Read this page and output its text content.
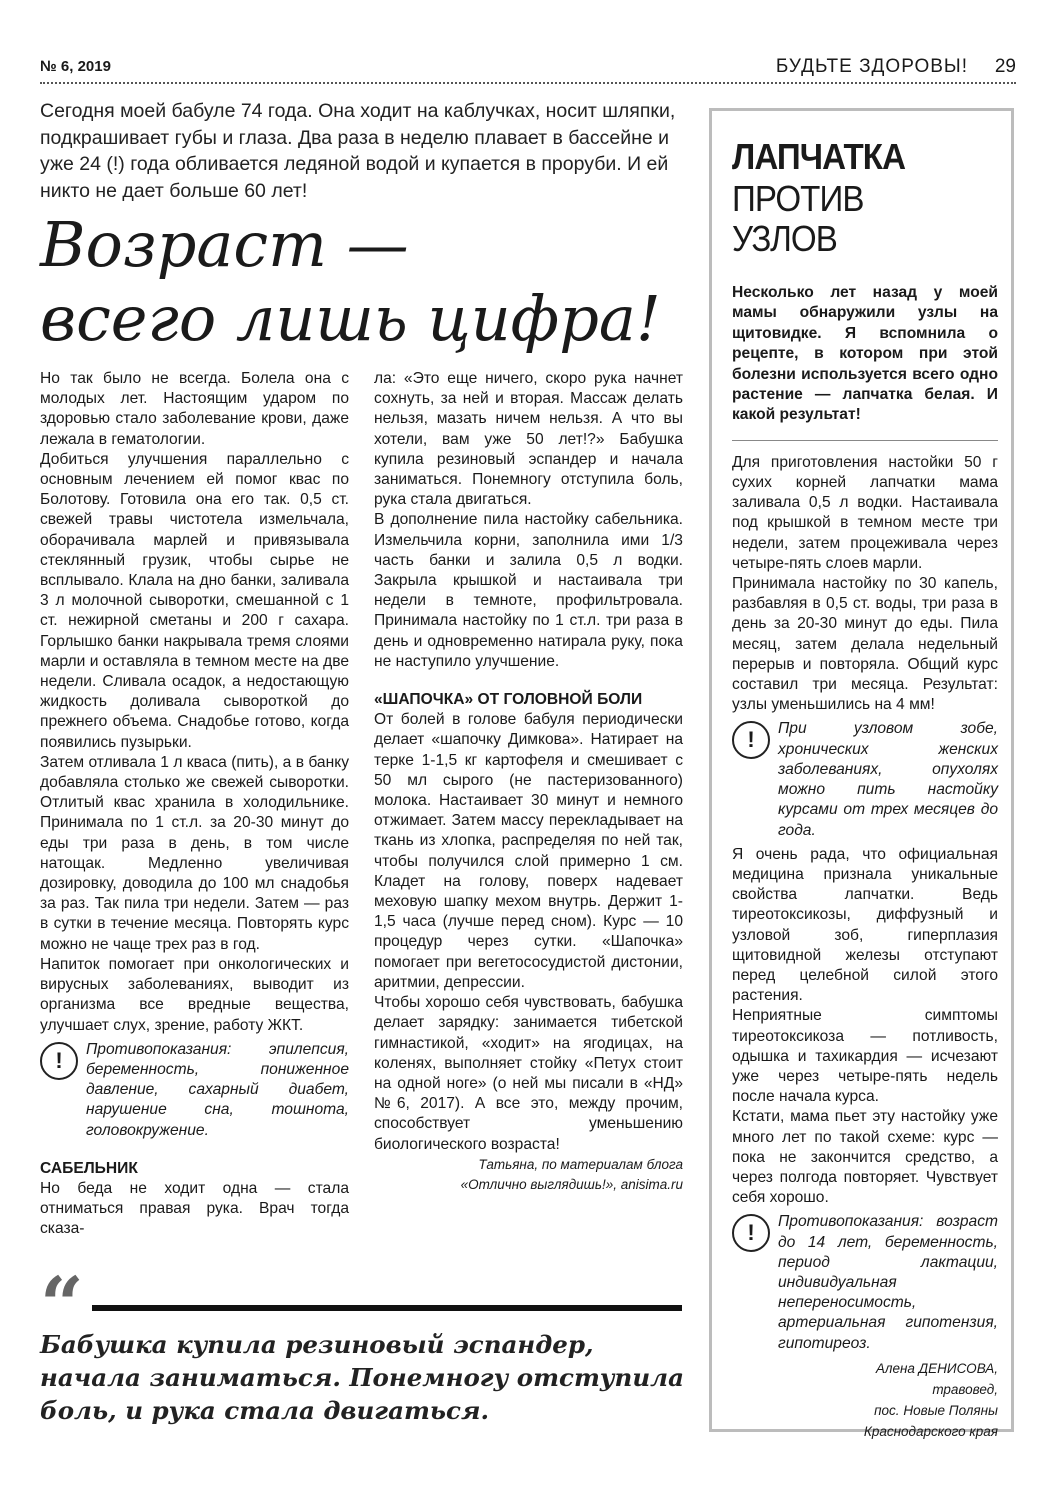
№ 6, 2019	БУДЬТЕ ЗДОРОВЫ! 29
Сегодня моей бабуле 74 года. Она ходит на каблучках, носит шляпки, подкрашивает губы и глаза. Два раза в неделю плавает в бассейне и уже 24 (!) года обливается ледяной водой и купается в проруби. И ей никто не дает больше 60 лет!
Возраст —
всего лишь цифра!

Но так было не всегда. Болела она с молодых лет. Настоящим ударом по здоровью стало заболевание крови, даже лежала в гематологии.

Добиться улучшения параллельно с основным лечением ей помог квас по Болотову. Готовила она его так. 0,5 ст. свежей травы чистотела измельчала, оборачивала марлей и привязывала стеклянный грузик, чтобы сырье не всплывало. Клала на дно банки, заливала 3 л молочной сыворотки, смешанной с 1 ст. нежирной сметаны и 200 г сахара. Горлышко банки накрывала тремя слоями марли и оставляла в темном месте на две недели. Сливала осадок, а недостающую жидкость доливала сывороткой до прежнего объема. Снадобье готово, когда появились пузырьки.

Затем отливала 1 л кваса (пить), а в банку добавляла столько же свежей сыворотки. Отлитый квас хранила в холодильнике. Принимала по 1 ст.л. за 20-30 минут до еды три раза в день, в том числе натощак. Медленно увеличивая дозировку, доводила до 100 мл снадобья за раз. Так пила три недели. Затем — раз в сутки в течение месяца. Повторять курс можно не чаще трех раз в год.

Напиток помогает при онкологических и вирусных заболеваниях, выводит из организма все вредные вещества, улучшает слух, зрение, работу ЖКТ.

!	Противопоказания: эпилепсия, беременность, пониженное давление, сахарный диабет, нарушение сна, тошнота, головокружение.

САБЕЛЬНИК

Но беда не ходит одна — стала отниматься правая рука. Врач тогда сказа-

ла: «Это еще ничего, скоро рука начнет сохнуть, за ней и вторая. Массаж делать нельзя, мазать ничем нельзя. А что вы хотели, вам уже 50 лет!?» Бабушка купила резиновый эспандер и начала заниматься. Понемногу отступила боль, рука стала двигаться.

В дополнение пила настойку сабельника. Измельчила корни, заполнила ими 1/3 часть банки и залила 0,5 л водки. Закрыла крышкой и настаивала три недели в темноте, профильтровала. Принимала настойку по 1 ст.л. три раза в день и одновременно натирала руку, пока не наступило улучшение.

«ШАПОЧКА» ОТ ГОЛОВНОЙ БОЛИ

От болей в голове бабуля периодически делает «шапочку Димкова». Натирает на терке 1-1,5 кг картофеля и смешивает с 50 мл сырого (не пастеризованного) молока. Настаивает 30 минут и немного отжимает. Затем массу перекладывает на ткань из хлопка, распределяя по ней так, чтобы получился слой примерно 1 см. Кладет на голову, поверх надевает меховую шапку мехом внутрь. Держит 1-1,5 часа (лучше перед сном). Курс — 10 процедур через сутки. «Шапочка» помогает при вегетососудистой дистонии, аритмии, депрессии.

Чтобы хорошо себя чувствовать, бабушка делает зарядку: занимается тибетской гимнастикой, «ходит» на ягодицах, на коленях, выполняет стойку «Петух стоит на одной ноге» (о ней мы писали в «НД» №6, 2017). А все это, между прочим, способствует уменьшению биологического возраста!

Татьяна, по материалам блога
«Отлично выглядишь!», anisima.ru
“
Бабушка купила резиновый эспандер, начала заниматься. Понемногу отступила боль, и рука стала двигаться.
ЛАПЧАТКА
ПРОТИВ УЗЛОВ
Несколько лет назад у моей мамы обнаружили узлы на щитовидке. Я вспомнила о рецепте, в котором при этой болезни используется всего одно растение — лапчатка белая. И какой результат!

Для приготовления настойки 50 г сухих корней лапчатки мама заливала 0,5 л водки. Настаивала под крышкой в темном месте три недели, затем процеживала через четыре-пять слоев марли.

Принимала настойку по 30 капель, разбавляя в 0,5 ст. воды, три раза в день за 20-30 минут до еды. Пила месяц, затем делала недельный перерыв и повторяла. Общий курс составил три месяца. Результат: узлы уменьшились на 4 мм!

!	При узловом зобе, хронических женских заболеваниях, опухолях можно пить настойку курсами от трех месяцев до года.

Я очень рада, что официальная медицина признала уникальные свойства лапчатки. Ведь тиреотоксикозы, диффузный и узловой зоб, гиперплазия щитовидной железы отступают перед целебной силой этого растения.

Неприятные симптомы тиреотоксикоза — потливость, одышка и тахикардия — исчезают уже через четыре-пять недель после начала курса.

Кстати, мама пьет эту настойку уже много лет по такой схеме: курс — пока не закончится средство, а через полгода повторяет. Чувствует себя хорошо.

!	Противопоказания: возраст до 14 лет, беременность, период лактации, индивидуальная непереносимость, артериальная гипотензия, гипотиреоз.
Алена ДЕНИСОВА,
травовед,
пос. Новые Поляны
Краснодарского края
